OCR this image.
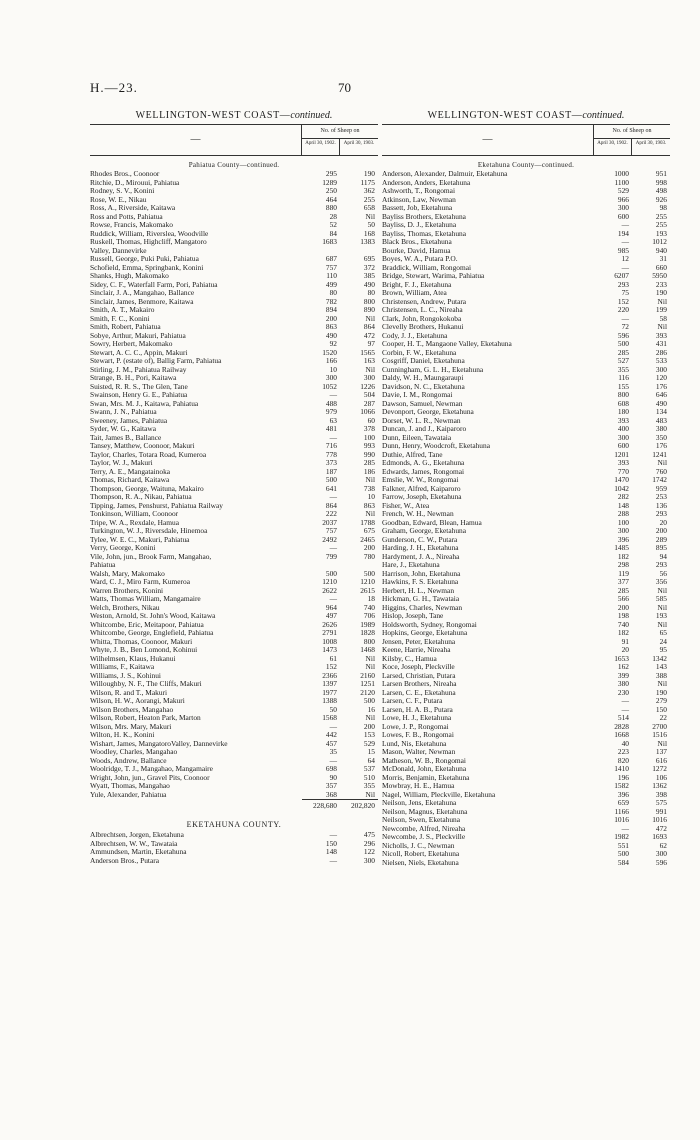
H.—23.	70
WELLINGTON-WEST COAST—continued.
—
No. of Sheep on
April 30, 1902.	April 30, 1903.
Pahiatua County—continued.
Rhodes Bros., Coonoor	295	190
Ritchie, D., Mirouui, Pahiatua	1289	1175
Rodney, S. V., Konini	250	362
Rose, W. E., Nikau	464	255
Ross, A., Riverside, Kaitawa	880	658
Ross and Potts, Pahiatua	28	Nil
Rowse, Francis, Makomako	52	50
Ruddick, William, Riverslea, Woodville	84	168
Ruskell, Thomas, Highcliff, Mangatoro	1683	1383
Valley, Dannevirke
Russell, George, Puki Puki, Pahiatua	687	695
Schofield, Emma, Springbank, Konini	757	372
Shanks, Hugh, Makomako	110	385
Sidey, C. F., Waterfall Farm, Pori, Pahiatua	499	490
Sinclair, J. A., Mangahao, Ballance	80	80
Sinclair, James, Benmore, Kaitawa	782	800
Smith, A. T., Makairo	894	890
Smith, F. C., Konini	200	Nil
Smith, Robert, Pahiatua	863	864
Sobye, Arthur, Makuri, Pahiatua	490	472
Sowry, Herbert, Makomako	92	97
Stewart, A. C. C., Appin, Makuri	1520	1565
Stewart, P. (estate of), Ballig Farm, Pahiatua	166	163
Stirling, J. M., Pahiatua Railway	10	Nil
Strange, B. H., Pori, Kaitawa	300	300
Suisted, R. R. S., The Glen, Tane	1052	1226
Swainson, Henry G. E., Pahiatua	—	504
Swan, Mrs. M. J., Kaitawa, Pahiatua	488	287
Swann, J. N., Pahiatua	979	1066
Sweeney, James, Pahiatua	63	60
Syder, W. G., Kaitawa	481	378
Tait, James B., Ballance	—	100
Tansey, Matthew, Coonoor, Makuri	716	993
Taylor, Charles, Totara Road, Kumeroa	778	990
Taylor, W. J., Makuri	373	285
Terry, A. E., Mangatainoka	187	186
Thomas, Richard, Kaitawa	500	Nil
Thompson, George, Waituna, Makairo	641	738
Thompson, R. A., Nikau, Pahiatua	—	10
Tipping, James, Penshurst, Pahiatua Railway	864	863
Tonkinson, William, Coonoor	222	Nil
Tripe, W. A., Rexdale, Hamua	2037	1788
Turkington, W. J., Riversdale, Hinemoa	757	675
Tylee, W. E. C., Makuri, Pahiatua	2492	2465
Verry, George, Konini	—	200
Vile, John, jun., Brook Farm, Mangahao,	799	780
Pahiatua
Walsh, Mary, Makomako	500	500
Ward, C. J., Miro Farm, Kumeroa	1210	1210
Warren Brothers, Konini	2622	2615
Watts, Thomas William, Mangamaire	—	18
Welch, Brothers, Nikau	964	740
Weston, Arnold, St. John's Wood, Kaitawa	497	706
Whitcombe, Eric, Meitapoor, Pahiatua	2626	1989
Whitcombe, George, Englefield, Pahiatua	2791	1828
Whitta, Thomas, Coonoor, Makuri	1008	800
Whyte, J. B., Ben Lomond, Kohinui	1473	1468
Wilhelmsen, Klaus, Hukanui	61	Nil
Williams, F., Kaitawa	152	Nil
Williams, J. S., Kohinui	2366	2160
Willoughby, N. F., The Cliffs, Makuri	1397	1251
Wilson, R. and T., Makuri	1977	2120
Wilson, H. W., Aorangi, Makuri	1388	500
Wilson Brothers, Mangahao	50	16
Wilson, Robert, Heaton Park, Marton	1568	Nil
Wilson, Mrs. Mary, Makuri	—	200
Wilton, H. K., Konini	442	153
Wishart, James, MangatoroValley, Dannevirke	457	529
Woodley, Charles, Mangahao	35	15
Woods, Andrew, Ballance	—	64
Woolridge, T. J., Mangahao, Mangamaire	698	537
Wright, John, jun., Gravel Pits, Coonoor	90	510
Wyatt, Thomas, Mangahao	357	355
Yule, Alexander, Pahiatua	368	Nil
228,680	202,820
EKETAHUNA COUNTY.
Albrechtsen, Jorgen, Eketahuna	—	475
Albrechtsen, W. W., Tawataia	150	296
Ammundsen, Martin, Eketahuna	148	122
Anderson Bros., Putara	—	300
WELLINGTON-WEST COAST—continued.
—
No. of Sheep on
April 30, 1902.	April 30, 1903.
Eketahuna County—continued.
Anderson, Alexander, Dalmuir, Eketahuna	1000	951
Anderson, Anders, Eketahuna	1100	998
Ashworth, T., Rongomai	529	498
Atkinson, Law, Newman	966	926
Bassett, Job, Eketahuna	300	98
Bayliss Brothers, Eketahuna	600	255
Bayliss, D. J., Eketahuna	—	255
Bayliss, Thomas, Eketahuna	194	193
Black Bros., Eketahuna	—	1012
Bourke, David, Hamua	985	940
Boyes, W. A., Putara P.O.	12	31
Braddick, William, Rongomai	—	660
Bridge, Stewart, Warima, Pahiatua	6207	5950
Bright, F. J., Eketahuna	293	233
Brown, William, Atea	75	190
Christensen, Andrew, Putara	152	Nil
Christensen, L. C., Nireaha	220	199
Clark, John, Rongokokoba	—	58
Clevelly Brothers, Hukanui	72	Nil
Cody, J. J., Eketahuna	596	393
Cooper, H. T., Mangaone Valley, Eketahuna	500	431
Corbin, F. W., Eketahuna	285	286
Cosgriff, Daniel, Eketahuna	527	533
Cunningham, G. L. H., Eketahuna	355	300
Daldy, W. H., Maungaraupi	116	120
Davidson, N. C., Eketahuna	155	176
Davie, I. M., Rongomai	800	646
Dawson, Samuel, Newman	608	490
Devonport, George, Eketahuna	180	134
Dorset, W. L. R., Newman	393	483
Duncan, J. and J., Kaiparoro	400	380
Dunn, Eileen, Tawataia	300	350
Dunn, Henry, Woodcroft, Eketahuna	600	176
Duthie, Alfred, Tane	1201	1241
Edmonds, A. G., Eketahuna	393	Nil
Edwards, James, Rongomai	770	760
Emslie, W. W., Rongomai	1470	1742
Falkner, Alfred, Kaiparoro	1042	959
Farrow, Joseph, Eketahuna	282	253
Fisher, W., Atea	148	136
French, W. H., Newman	288	293
Goodban, Edward, Blean, Hamua	100	20
Graham, George, Eketahuna	300	200
Gunderson, C. W., Putara	396	289
Harding, J. H., Eketahuna	1485	895
Hardyment, J. A., Nireaha	182	94
Hare, J., Eketahuna	298	293
Harrison, John, Eketahuna	119	56
Hawkins, F. S. Eketahuna	377	356
Herbert, H. L., Newman	285	Nil
Hickman, G. H., Tawataia	566	585
Higgins, Charles, Newman	200	Nil
Hislop, Joseph, Tane	198	193
Holdsworth, Sydney, Rongomai	740	Nil
Hopkins, George, Eketahuna	182	65
Jensen, Peter, Eketahuna	91	24
Keene, Harrie, Nireaha	20	95
Kilsby, C., Hamua	1653	1342
Koce, Joseph, Pleckville	162	143
Larsed, Christian, Putara	399	388
Larsen Brothers, Nireaha	380	Nil
Larsen, C. E., Eketahuna	230	190
Larsen, C. F., Putara	—	279
Larsen, H. A. B., Putara	—	150
Lowe, H. J., Eketahuna	514	22
Lowe, J. P., Rongomai	2828	2700
Lowes, F. B., Rongomai	1668	1516
Lund, Nis, Eketahuna	40	Nil
Mason, Walter, Newman	223	137
Matheson, W. B., Rongomai	820	616
McDonald, John, Eketahuna	1410	1272
Morris, Benjamin, Eketahuna	196	106
Mowbray, H. E., Hamua	1582	1362
Nagel, William, Pleckville, Eketahuna	396	398
Neilson, Jens, Eketahuna	659	575
Neilson, Magnus, Eketahuna	1166	991
Neilson, Swen, Eketahuna	1016	1016
Newcombe, Alfred, Nireaha	—	472
Newcombe, J. S., Pleckville	1982	1693
Nicholls, J. C., Newman	551	62
Nicoll, Robert, Eketahuna	500	300
Nielsen, Niels, Eketahuna	584	596
